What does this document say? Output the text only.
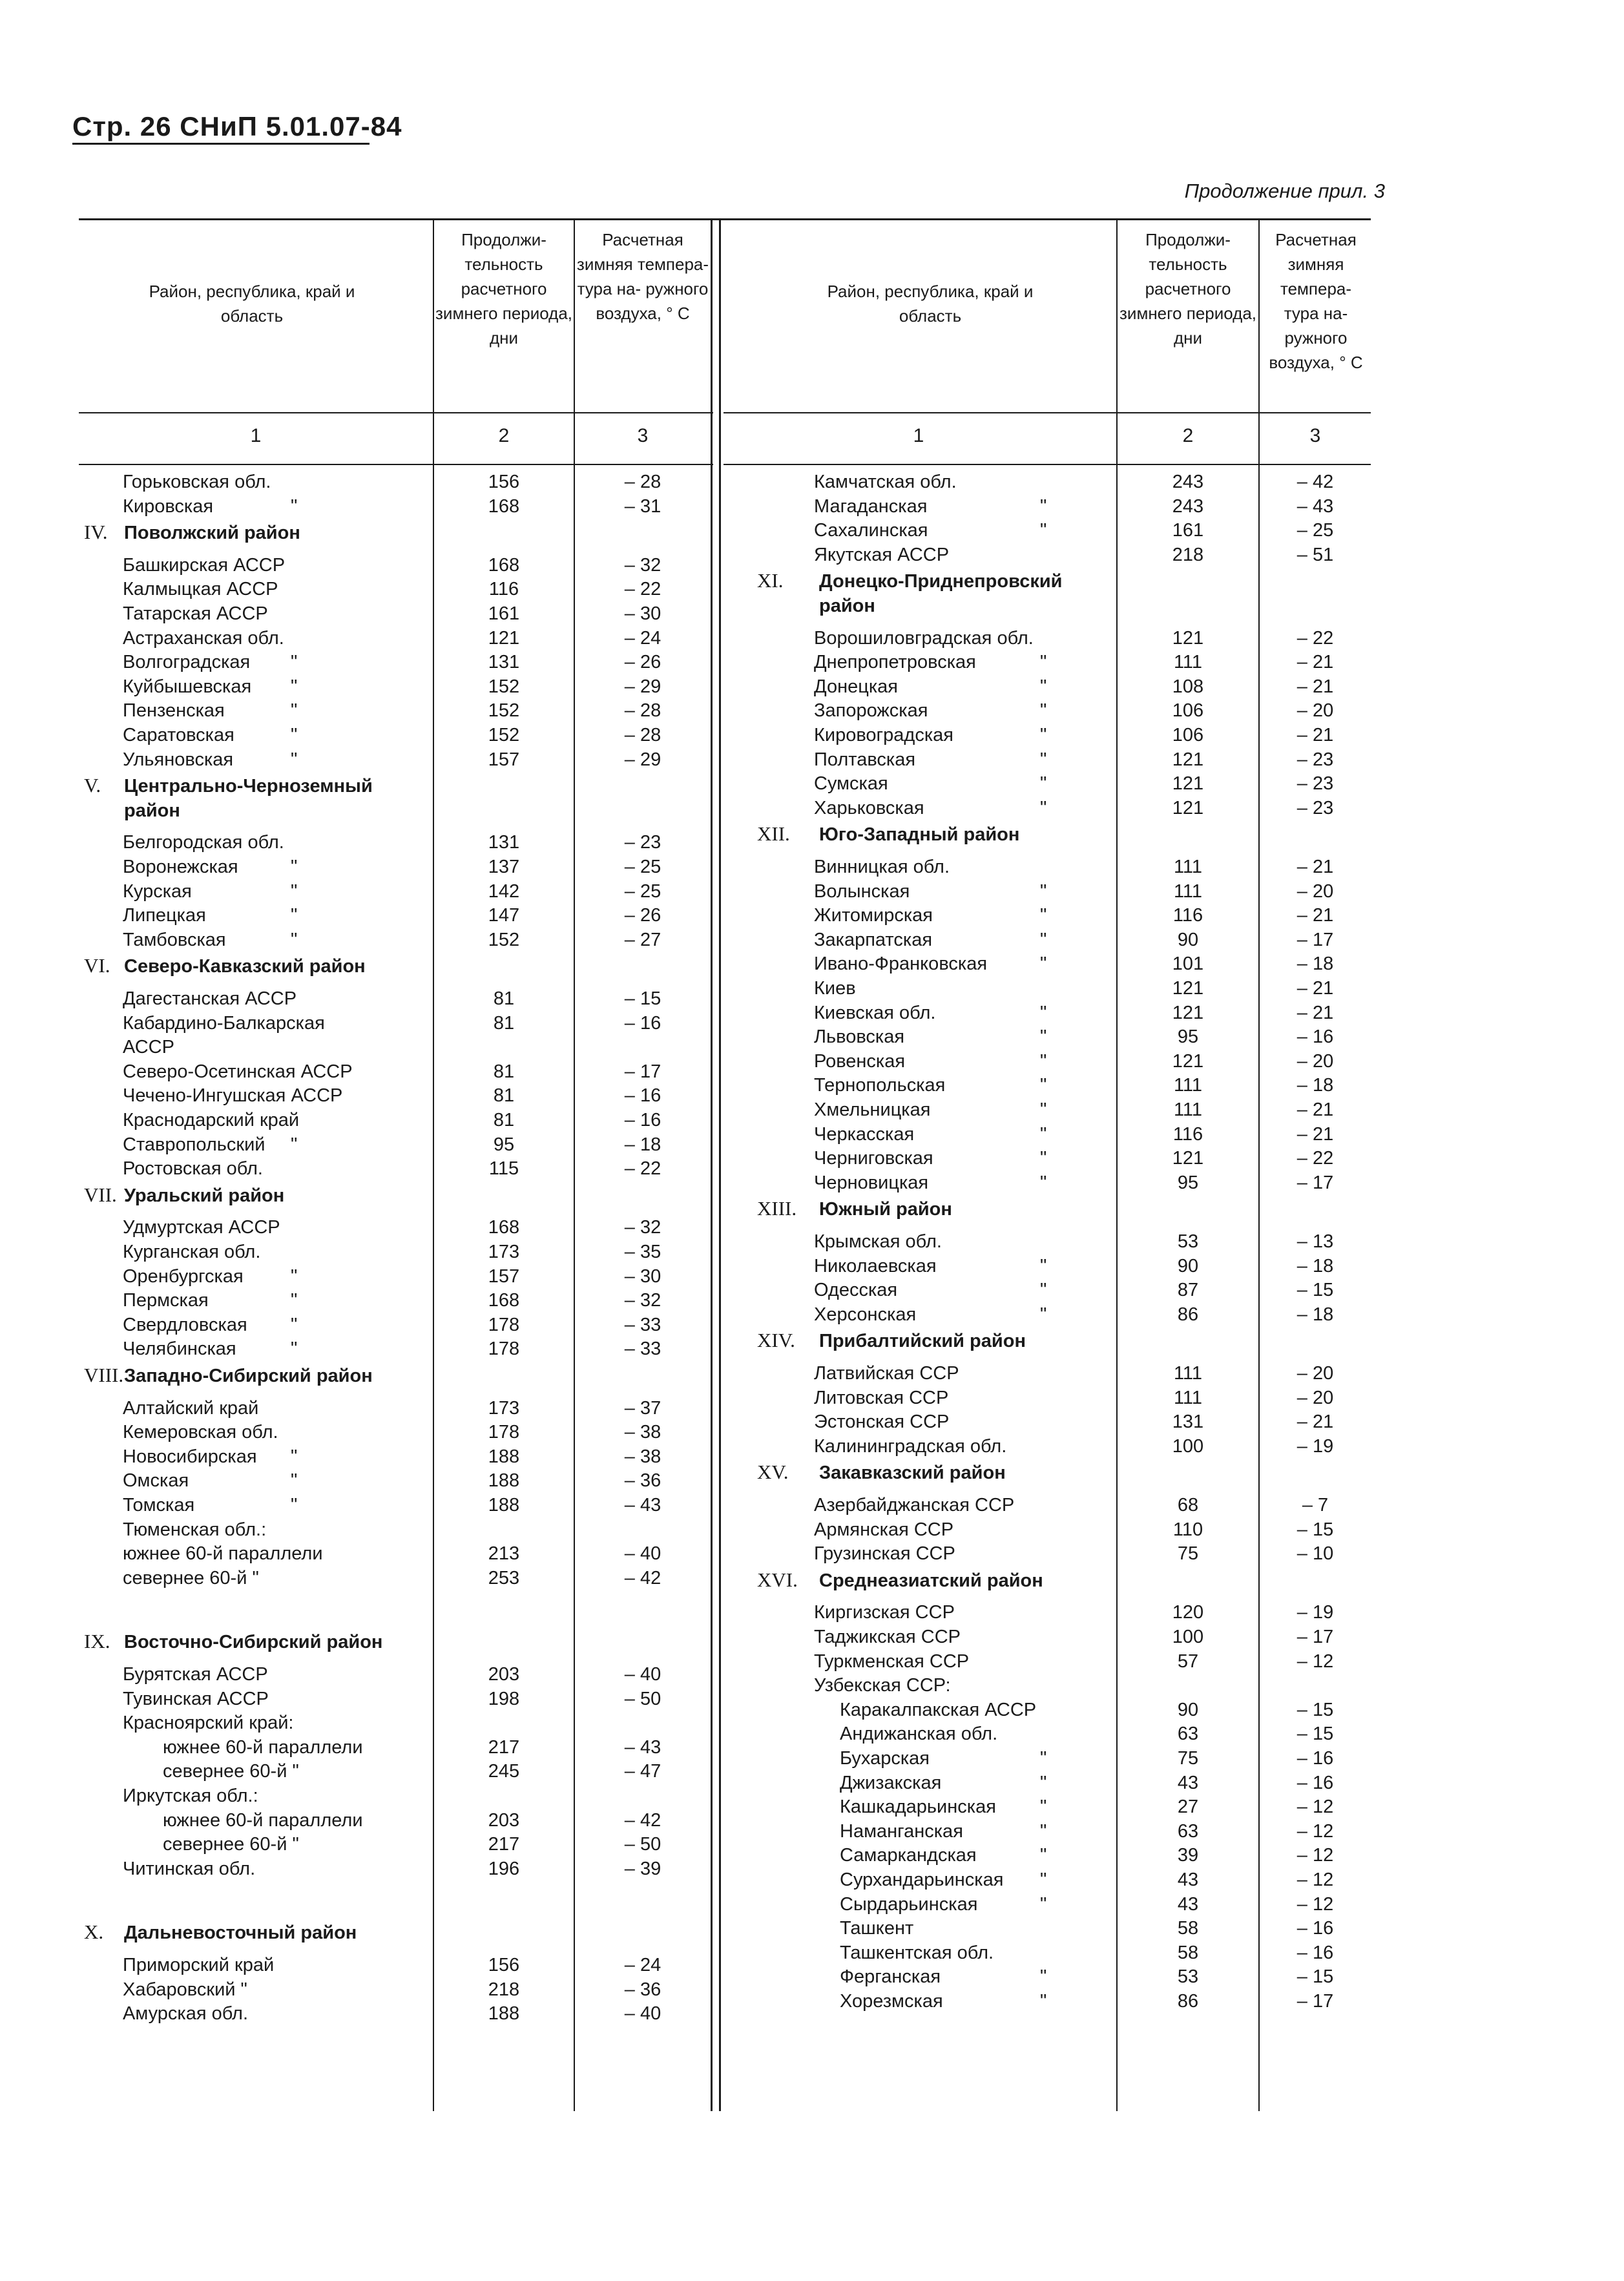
Стр. 26 СНиП 5.01.07-84
Продолжение прил. 3
Район, республика, край и область
Продолжи- тельность расчетного зимнего периода, дни
Расчетная зимняя темпера- тура на- ружного воздуха, ° С
Район, республика, край и область
Продолжи- тельность расчетного зимнего периода, дни
Расчетная зимняя темпера- тура на- ружного воздуха, ° С
1	2	3	1	2	3
Горьковская обл.	156	– 28
Кировская	"	168	– 31
IV. Поволжский район
Башкирская АССР	168	– 32
Калмыцкая АССР	116	– 22
Татарская АССР	161	– 30
Астраханская обл.	121	– 24
Волгоградская "	131	– 26
Куйбышевская "	152	– 29
Пензенская	"	152	– 28
Саратовская	"	152	– 28
Ульяновская	"	157	– 29
V. Центрально-Черноземный
район
Белгородская обл.	131	– 23
Воронежская	"	137	– 25
Курская	"	142	– 25
Липецкая	"	147	– 26
Тамбовская	"	152	– 27
VI. Северо-Кавказский район
Дагестанская АССР	81	– 15
Кабардино-Балкарская	81	– 16
АССР
Северо-Осетинская АССР	81	– 17
Чечено-Ингушская АССР	81	– 16
Краснодарский край	81	– 16
Ставропольский "	95	– 18
Ростовская обл.	115	– 22
VII. Уральский район
Удмуртская АССР	168	– 32
Курганская обл.	173	– 35
Оренбургская	"	157	– 30
Пермская	"	168	– 32
Свердловская "	178	– 33
Челябинская	"	178	– 33
VIII. Западно-Сибирский район
Алтайский край	173	– 37
Кемеровская обл.	178	– 38
Новосибирская "	188	– 38
Омская	"	188	– 36
Томская	"	188	– 43
Тюменская обл.:
южнее 60-й параллели	213	– 40
севернее 60-й "	253	– 42
IX. Восточно-Сибирский район
Бурятская АССР	203	– 40
Тувинская АССР	198	– 50
Красноярский край:
южнее 60-й параллели	217	– 43
севернее 60-й "	245	– 47
Иркутская обл.:
южнее 60-й параллели	203	– 42
севернее 60-й "	217	– 50
Читинская обл.	196	– 39
X. Дальневосточный район
Приморский край	156	– 24
Хабаровский "	218	– 36
Амурская обл.	188	– 40
Камчатская обл.	243	– 42
Магаданская	"	243	– 43
Сахалинская	"	161	– 25
Якутская АССР	218	– 51
XI. Донецко-Приднепровский
район
Ворошиловградская обл.	121	– 22
Днепропетровская	"	111	– 21
Донецкая	"	108	– 21
Запорожская	"	106	– 20
Кировоградская	"	106	– 21
Полтавская	"	121	– 23
Сумская	"	121	– 23
Харьковская	"	121	– 23
XII. Юго-Западный район
Винницкая обл.	111	– 21
Волынская	"	111	– 20
Житомирская	"	116	– 21
Закарпатская	"	90	– 17
Ивано-Франковская	"	101	– 18
Киев	121	– 21
Киевская обл.	"	121	– 21
Львовская	"	95	– 16
Ровенская	"	121	– 20
Тернопольская	"	111	– 18
Хмельницкая	"	111	– 21
Черкасская	"	116	– 21
Черниговская	"	121	– 22
Черновицкая	"	95	– 17
XIII. Южный район
Крымская обл.	53	– 13
Николаевская	"	90	– 18
Одесская	"	87	– 15
Херсонская	"	86	– 18
XIV. Прибалтийский район
Латвийская ССР	111	– 20
Литовская ССР	111	– 20
Эстонская ССР	131	– 21
Калининградская обл.	100	– 19
XV. Закавказский район
Азербайджанская ССР	68	– 7
Армянская ССР	110	– 15
Грузинская ССР	75	– 10
XVI. Среднеазиатский район
Киргизская ССР	120	– 19
Таджикская ССР	100	– 17
Туркменская ССР	57	– 12
Узбекская ССР:
Каракалпакская АССР	90	– 15
Андижанская обл.	63	– 15
Бухарская	"	75	– 16
Джизакская	"	43	– 16
Кашкадарьинская "	27	– 12
Наманганская	"	63	– 12
Самаркандская	"	39	– 12
Сурхандарьинская "	43	– 12
Сырдарьинская	"	43	– 12
Ташкент	58	– 16
Ташкентская обл.	58	– 16
Ферганская	"	53	– 15
Хорезмская	"	86	– 17
